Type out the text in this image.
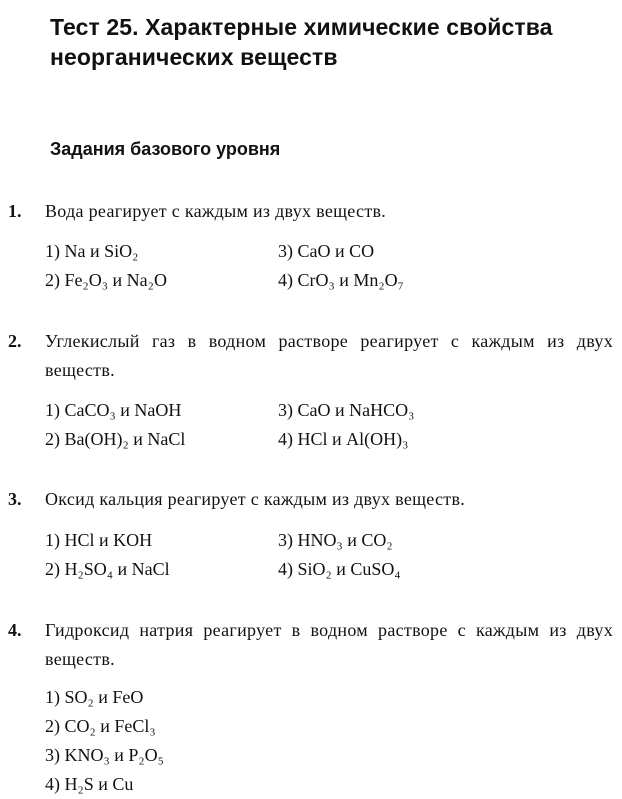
Тест 25. Характерные химические свойства неорганических веществ
Задания базового уровня
1. Вода реагирует с каждым из двух веществ.
1) Na и SiO₂	3) CaO и CO
2) Fe₂O₃ и Na₂O	4) CrO₃ и Mn₂O₇
2. Углекислый газ в водном растворе реагирует с каждым из двух веществ.
1) CaCO₃ и NaOH	3) CaO и NaHCO₃
2) Ba(OH)₂ и NaCl	4) HCl и Al(OH)₃
3. Оксид кальция реагирует с каждым из двух веществ.
1) HCl и KOH	3) HNO₃ и CO₂
2) H₂SO₄ и NaCl	4) SiO₂ и CuSO₄
4. Гидроксид натрия реагирует в водном растворе с каждым из двух веществ.
1) SO₂ и FeO
2) CO₂ и FeCl₃
3) KNO₃ и P₂O₅
4) H₂S и Cu
